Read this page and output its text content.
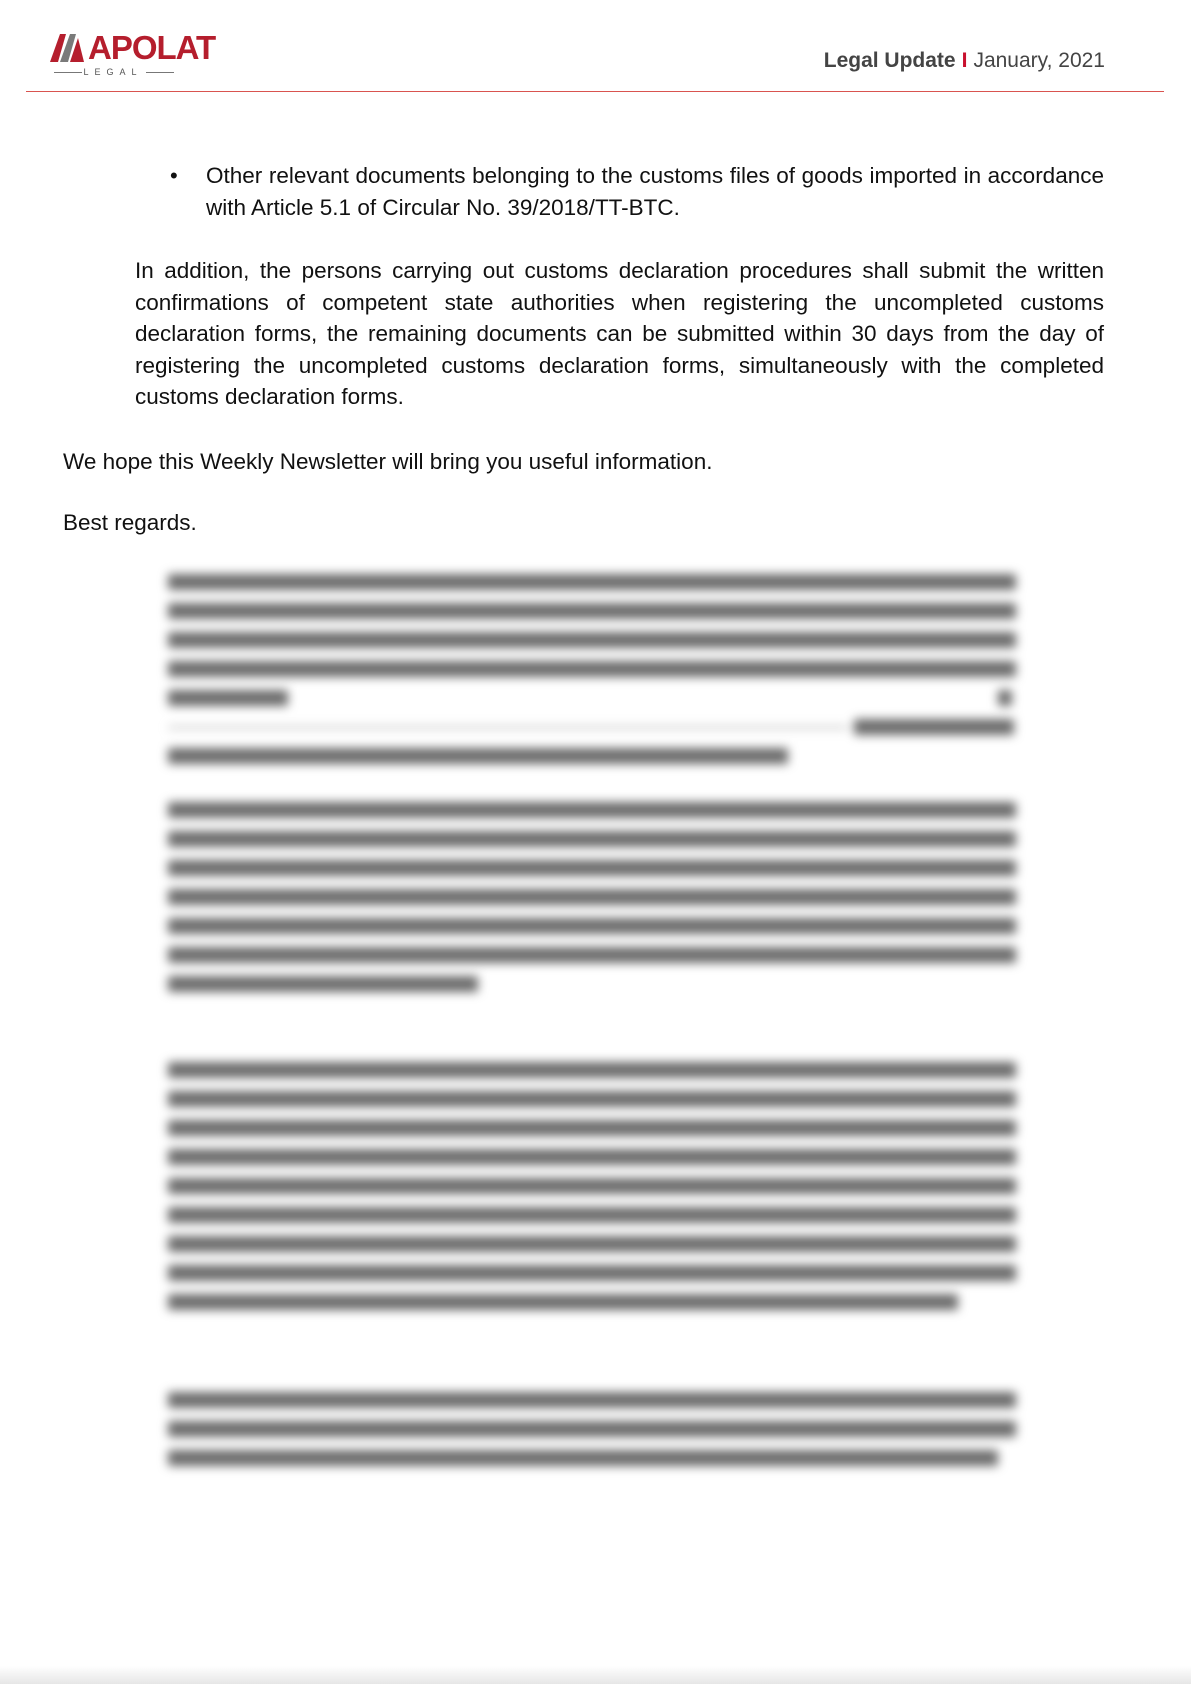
APOLAT
LEGAL	Legal Update I January, 2021
• Other relevant documents belonging to the customs files of goods imported in accordance with Article 5.1 of Circular No. 39/2018/TT-BTC.
In addition, the persons carrying out customs declaration procedures shall submit the written confirmations of competent state authorities when registering the uncompleted customs declaration forms, the remaining documents can be submitted within 30 days from the day of registering the uncompleted customs declaration forms, simultaneously with the completed customs declaration forms.
We hope this Weekly Newsletter will bring you useful information.
Best regards.
